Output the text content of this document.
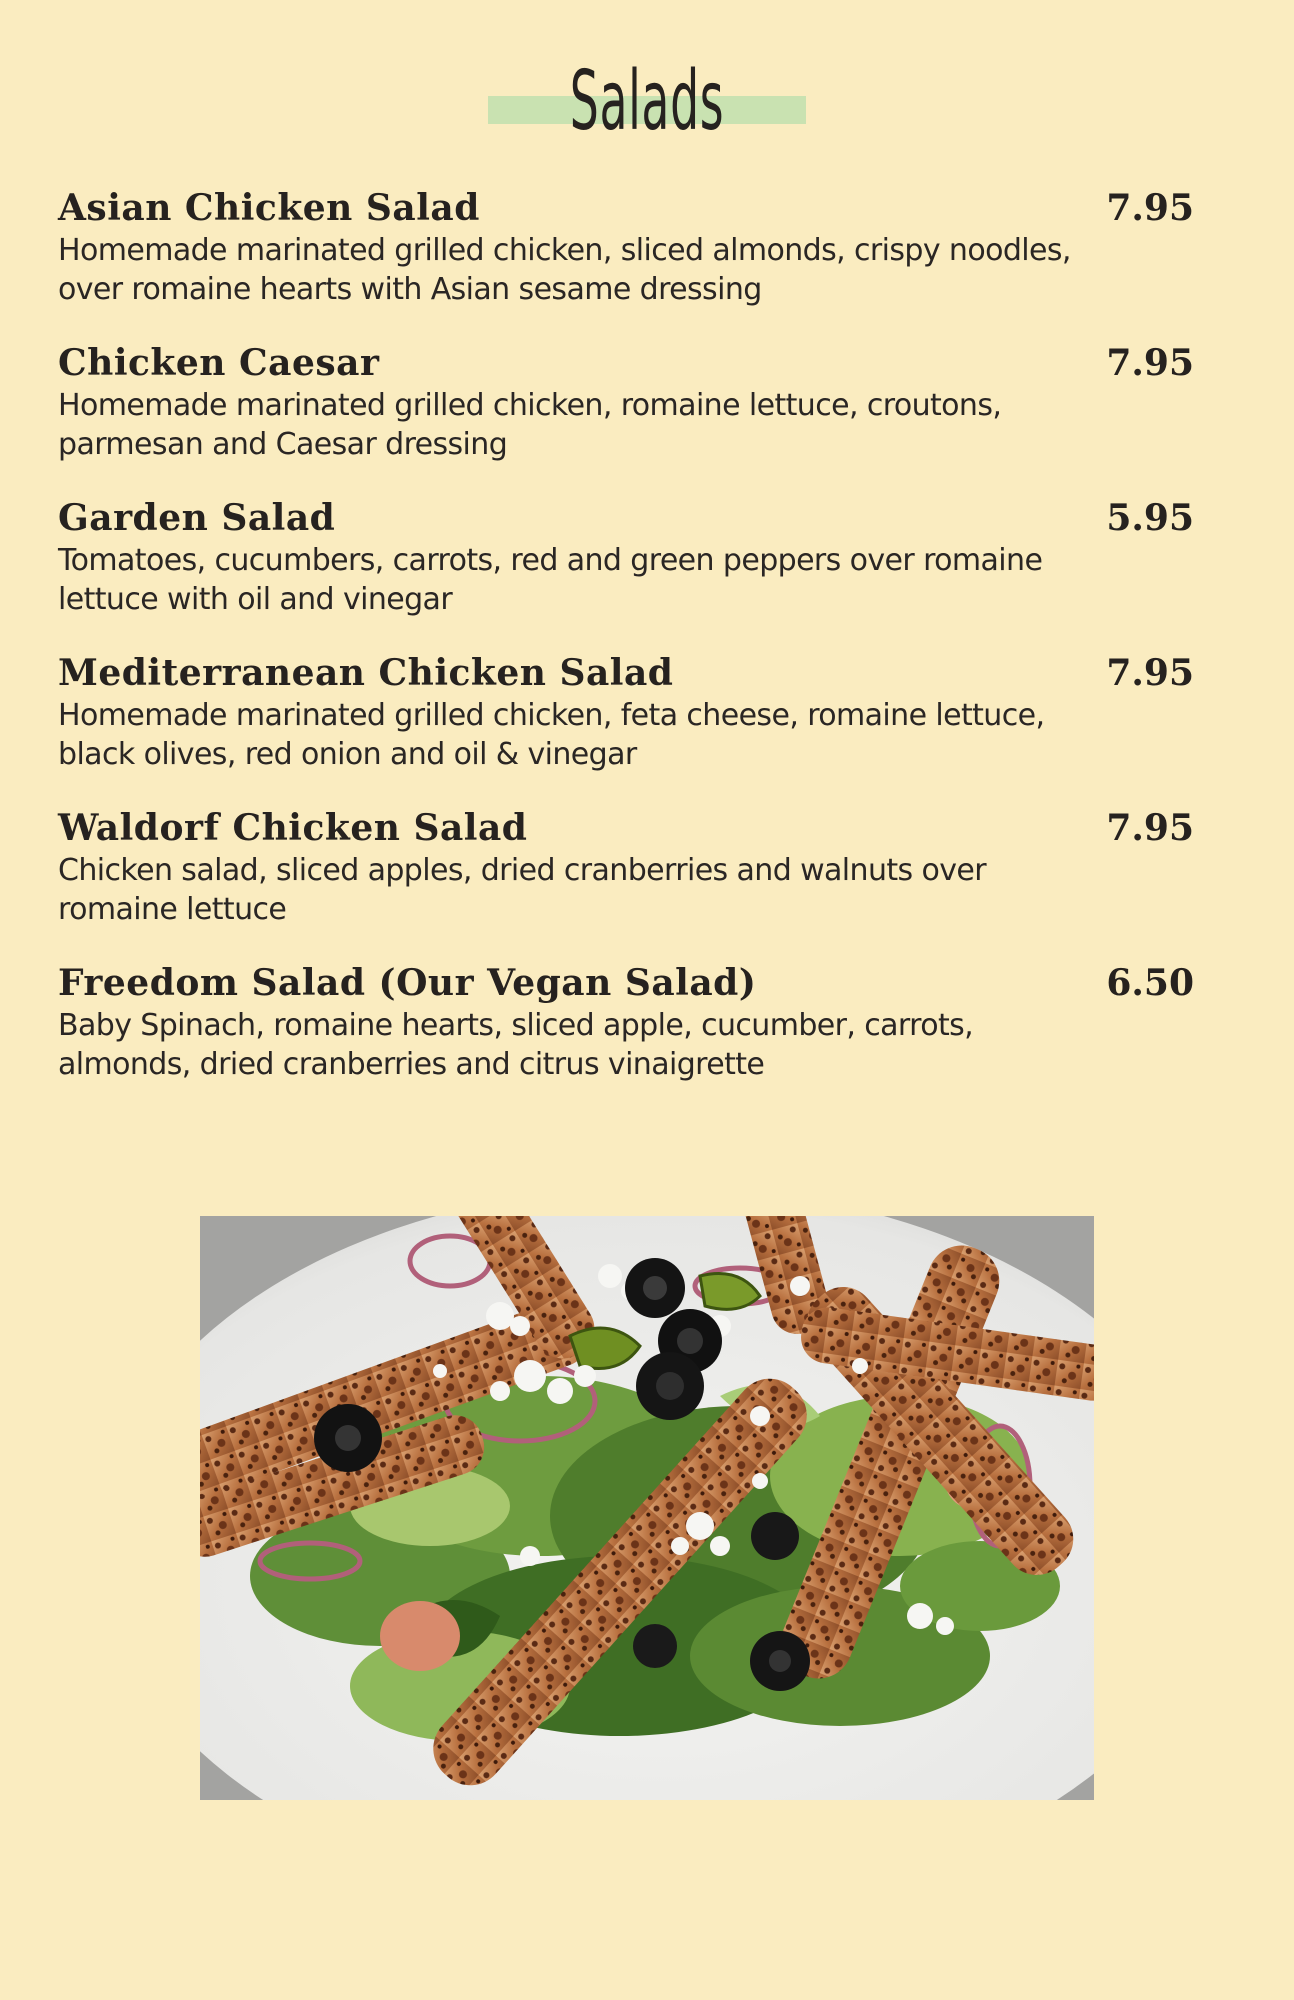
Salads
Asian Chicken Salad	7.95
Homemade marinated grilled chicken, sliced almonds, crispy noodles, over romaine hearts with Asian sesame dressing
Chicken Caesar	7.95
Homemade marinated grilled chicken, romaine lettuce, croutons, parmesan and Caesar dressing
Garden Salad	5.95
Tomatoes, cucumbers, carrots, red and green peppers over romaine lettuce with oil and vinegar
Mediterranean Chicken Salad	7.95
Homemade marinated grilled chicken, feta cheese, romaine lettuce, black olives, red onion and oil & vinegar
Waldorf Chicken Salad	7.95
Chicken salad, sliced apples, dried cranberries and walnuts over romaine lettuce
Freedom Salad (Our Vegan Salad)	6.50
Baby Spinach, romaine hearts, sliced apple, cucumber, carrots, almonds, dried cranberries and citrus vinaigrette
